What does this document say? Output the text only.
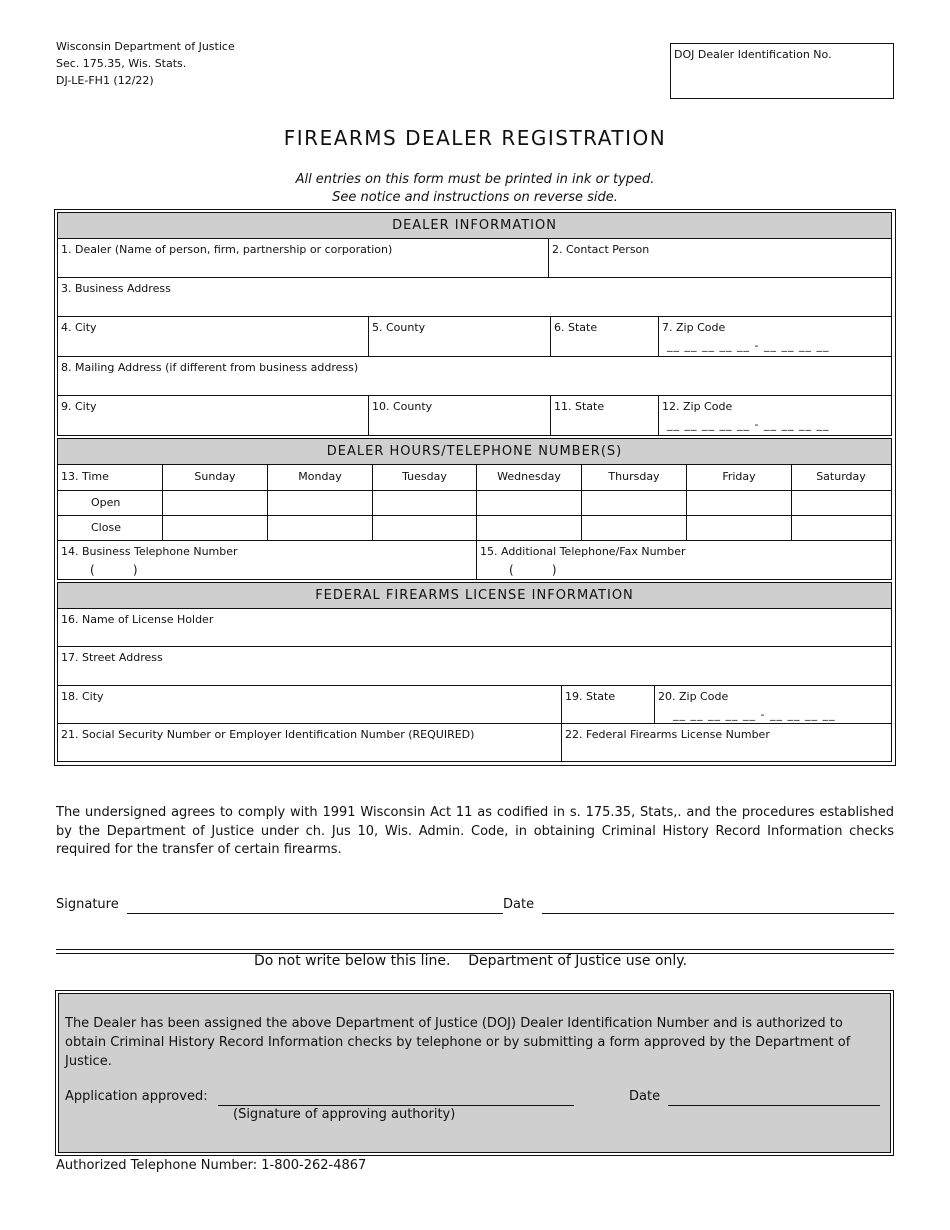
Wisconsin Department of Justice
Sec. 175.35, Wis. Stats.
DJ-LE-FH1 (12/22)
DOJ Dealer Identification No.
FIREARMS DEALER REGISTRATION
All entries on this form must be printed in ink or typed.
See notice and instructions on reverse side.
DEALER INFORMATION
1. Dealer (Name of person, firm, partnership or corporation)	2. Contact Person
3. Business Address
4. City	5. County	6. State	7. Zip Code
__ __ __ __ __ - __ __ __ __
8. Mailing Address (if different from business address)
9. City	10. County	11. State	12. Zip Code
__ __ __ __ __ - __ __ __ __
DEALER HOURS/TELEPHONE NUMBER(S)
13. Time	Sunday	Monday	Tuesday	Wednesday	Thursday	Friday	Saturday
Open
Close
14. Business Telephone Number
(          )
15. Additional Telephone/Fax Number
(          )
FEDERAL FIREARMS LICENSE INFORMATION
16. Name of License Holder
17. Street Address
18. City	19. State	20. Zip Code
__ __ __ __ __ - __ __ __ __
21. Social Security Number or Employer Identification Number (REQUIRED)	22. Federal Firearms License Number
The undersigned agrees to comply with 1991 Wisconsin Act 11 as codified in s. 175.35, Stats,. and the procedures established by the Department of Justice under ch. Jus 10, Wis. Admin. Code, in obtaining Criminal History Record Information checks required for the transfer of certain firearms.
Signature	Date
Do not write below this line.    Department of Justice use only.
The Dealer has been assigned the above Department of Justice (DOJ) Dealer Identification Number and is authorized to obtain Criminal History Record Information checks by telephone or by submitting a form approved by the Department of Justice.
Application approved:
(Signature of approving authority)
Date
Authorized Telephone Number: 1-800-262-4867
